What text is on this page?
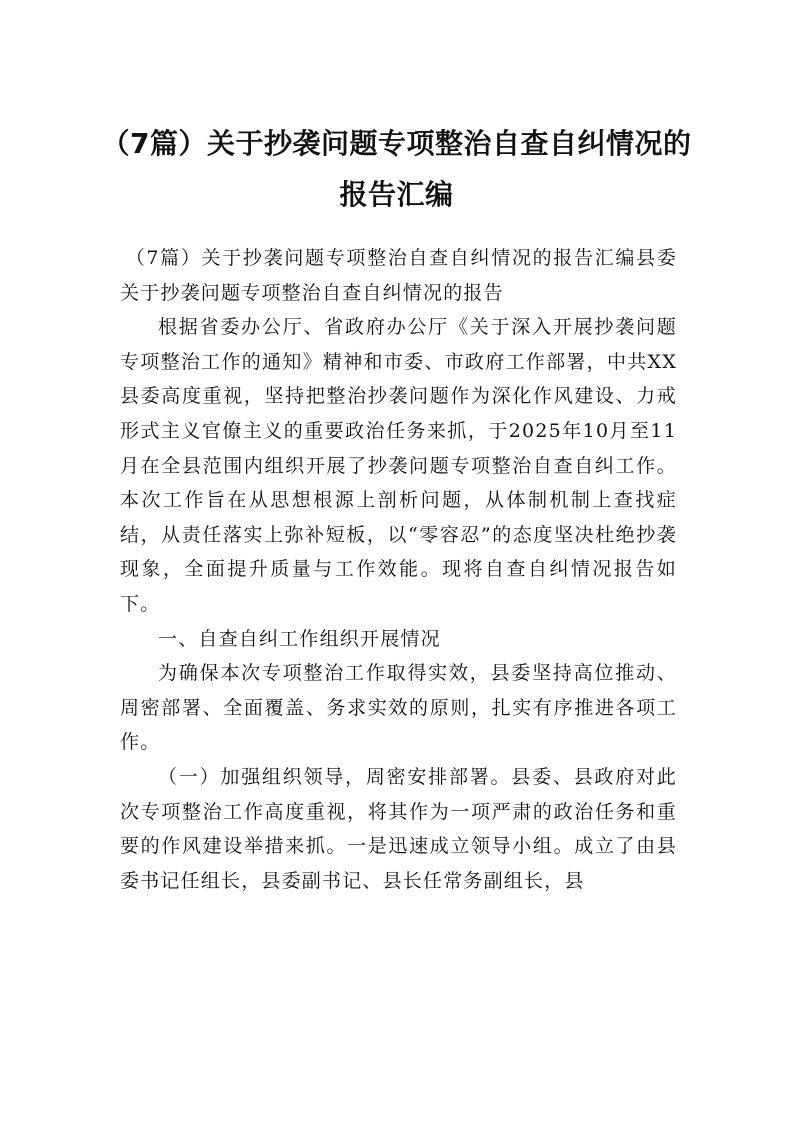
（7篇）关于抄袭问题专项整治自查自纠情况的报告汇编

（7篇）关于抄袭问题专项整治自查自纠情况的报告汇编县委关于抄袭问题专项整治自查自纠情况的报告

根据省委办公厅、省政府办公厅《关于深入开展抄袭问题专项整治工作的通知》精神和市委、市政府工作部署，中共XX县委高度重视，坚持把整治抄袭问题作为深化作风建设、力戒形式主义官僚主义的重要政治任务来抓，于2025年10月至11月在全县范围内组织开展了抄袭问题专项整治自查自纠工作。本次工作旨在从思想根源上剖析问题，从体制机制上查找症结，从责任落实上弥补短板，以“零容忍”的态度坚决杜绝抄袭现象，全面提升质量与工作效能。现将自查自纠情况报告如下。

一、自查自纠工作组织开展情况

为确保本次专项整治工作取得实效，县委坚持高位推动、周密部署、全面覆盖、务求实效的原则，扎实有序推进各项工作。

（一）加强组织领导，周密安排部署。县委、县政府对此次专项整治工作高度重视，将其作为一项严肃的政治任务和重要的作风建设举措来抓。一是迅速成立领导小组。成立了由县委书记任组长，县委副书记、县长任常务副组长，县
